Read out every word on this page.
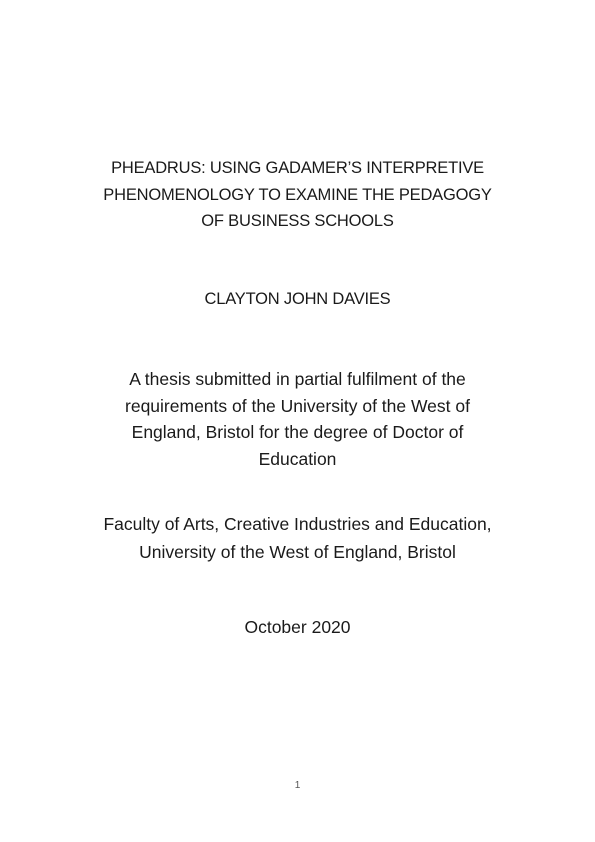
PHEADRUS: USING GADAMER’S INTERPRETIVE
PHENOMENOLOGY TO EXAMINE THE PEDAGOGY
OF BUSINESS SCHOOLS
CLAYTON JOHN DAVIES
A thesis submitted in partial fulfilment of the
requirements of the University of the West of
England, Bristol for the degree of Doctor of
Education
Faculty of Arts, Creative Industries and Education,
University of the West of England, Bristol
October 2020
1
